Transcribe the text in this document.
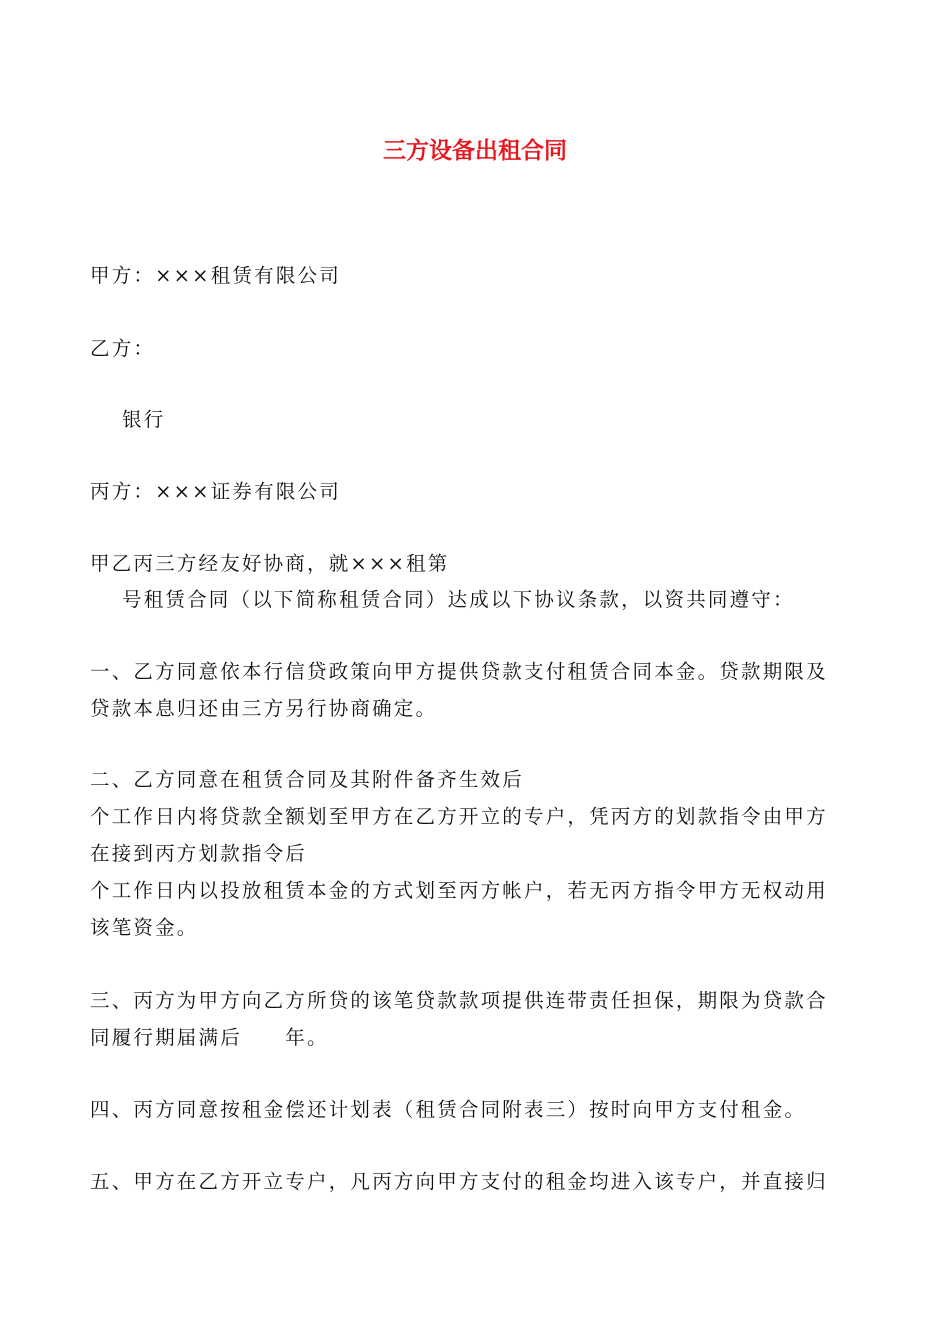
三方设备出租合同
甲方：×××租赁有限公司
乙方：
银行
丙方：×××证券有限公司
甲乙丙三方经友好协商，就×××租第
号租赁合同（以下简称租赁合同）达成以下协议条款，以资共同遵守：
一、乙方同意依本行信贷政策向甲方提供贷款支付租赁合同本金。贷款期限及
贷款本息归还由三方另行协商确定。
二、乙方同意在租赁合同及其附件备齐生效后
个工作日内将贷款全额划至甲方在乙方开立的专户，凭丙方的划款指令由甲方
在接到丙方划款指令后
个工作日内以投放租赁本金的方式划至丙方帐户，若无丙方指令甲方无权动用
该笔资金。
三、丙方为甲方向乙方所贷的该笔贷款款项提供连带责任担保，期限为贷款合
同履行期届满后　　年。
四、丙方同意按租金偿还计划表（租赁合同附表三）按时向甲方支付租金。
五、甲方在乙方开立专户，凡丙方向甲方支付的租金均进入该专户，并直接归
